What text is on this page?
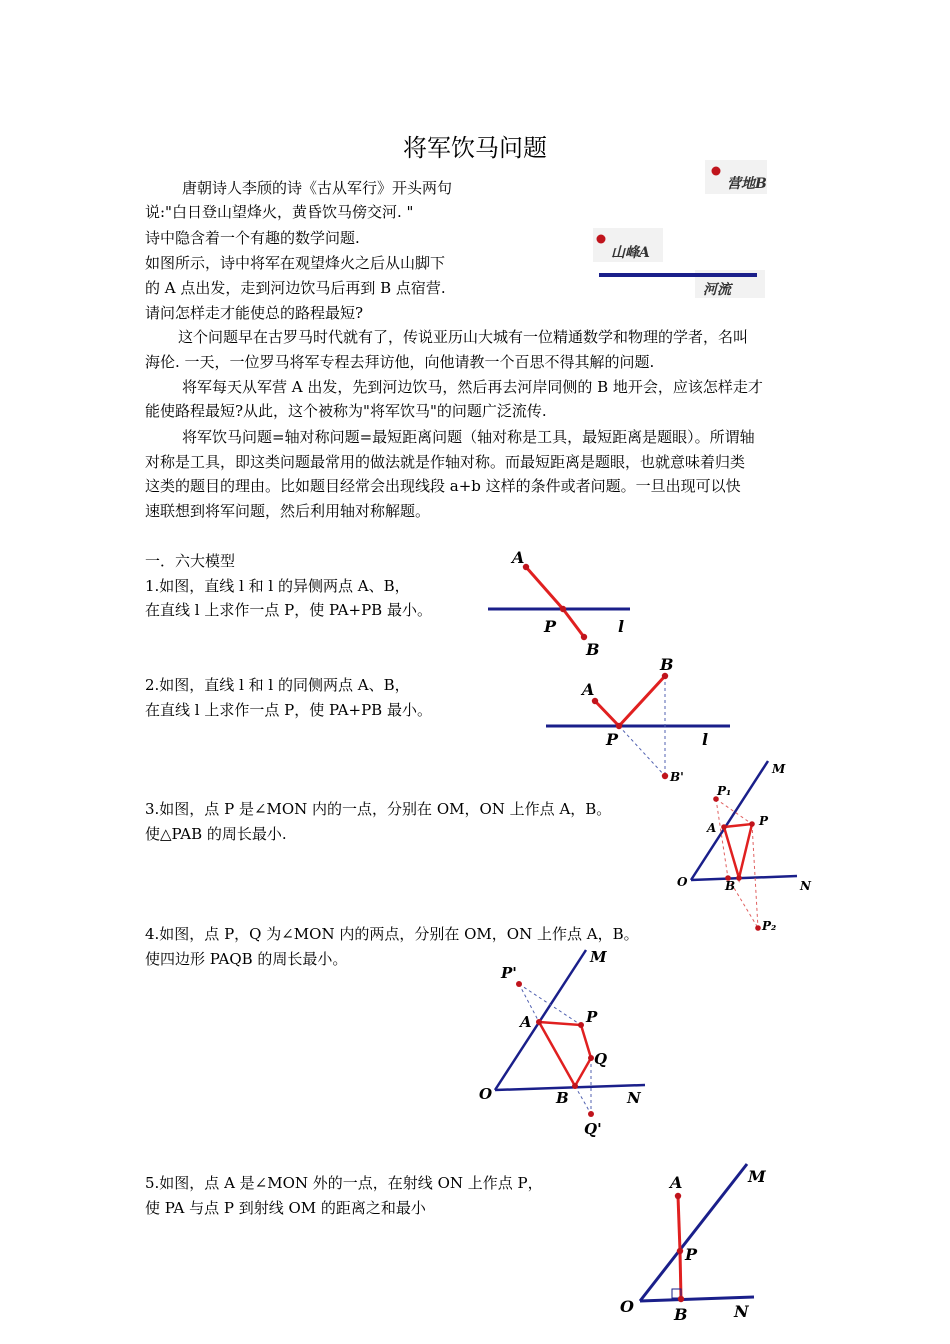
将军饮马问题
唐朝诗人李颀的诗《古从军行》开头两句
说:"白日登山望烽火，黄昏饮马傍交河. "
诗中隐含着一个有趣的数学问题.
如图所示，诗中将军在观望烽火之后从山脚下
的 A 点出发，走到河边饮马后再到 B 点宿营.
请问怎样走才能使总的路程最短?
营地B
山峰A
河流
这个问题早在古罗马时代就有了，传说亚历山大城有一位精通数学和物理的学者，名叫
海伦. 一天，一位罗马将军专程去拜访他，向他请教一个百思不得其解的问题.
将军每天从军营 A 出发，先到河边饮马，然后再去河岸同侧的 B 地开会，应该怎样走才
能使路程最短?从此，这个被称为"将军饮马"的问题广泛流传.
将军饮马问题=轴对称问题=最短距离问题（轴对称是工具，最短距离是题眼）。所谓轴
对称是工具，即这类问题最常用的做法就是作轴对称。而最短距离是题眼，也就意味着归类
这类的题目的理由。比如题目经常会出现线段 a+b 这样的条件或者问题。一旦出现可以快
速联想到将军问题，然后利用轴对称解题。
一．六大模型
1.如图，直线 l 和 l 的异侧两点 A、B，
在直线 l 上求作一点 P，使 PA+PB 最小。
A
P
B
l
2.如图，直线 l 和 l 的同侧两点 A、B，
在直线 l 上求作一点 P，使 PA+PB 最小。
A
B
P	l
B'
3.如图，点 P 是∠MON 内的一点，分别在 OM，ON 上作点 A，B。
使△PAB 的周长最小.
M
P₁
A	P
O	B	N
P₂
4.如图，点 P，Q 为∠MON 内的两点，分别在 OM，ON 上作点 A，B。
使四边形 PAQB 的周长最小。
P'
M
A	P
Q
O	B	N
Q'
5.如图，点 A 是∠MON 外的一点，在射线 ON 上作点 P，
使 PA 与点 P 到射线 OM 的距离之和最小
A	M
P
O	B	N
